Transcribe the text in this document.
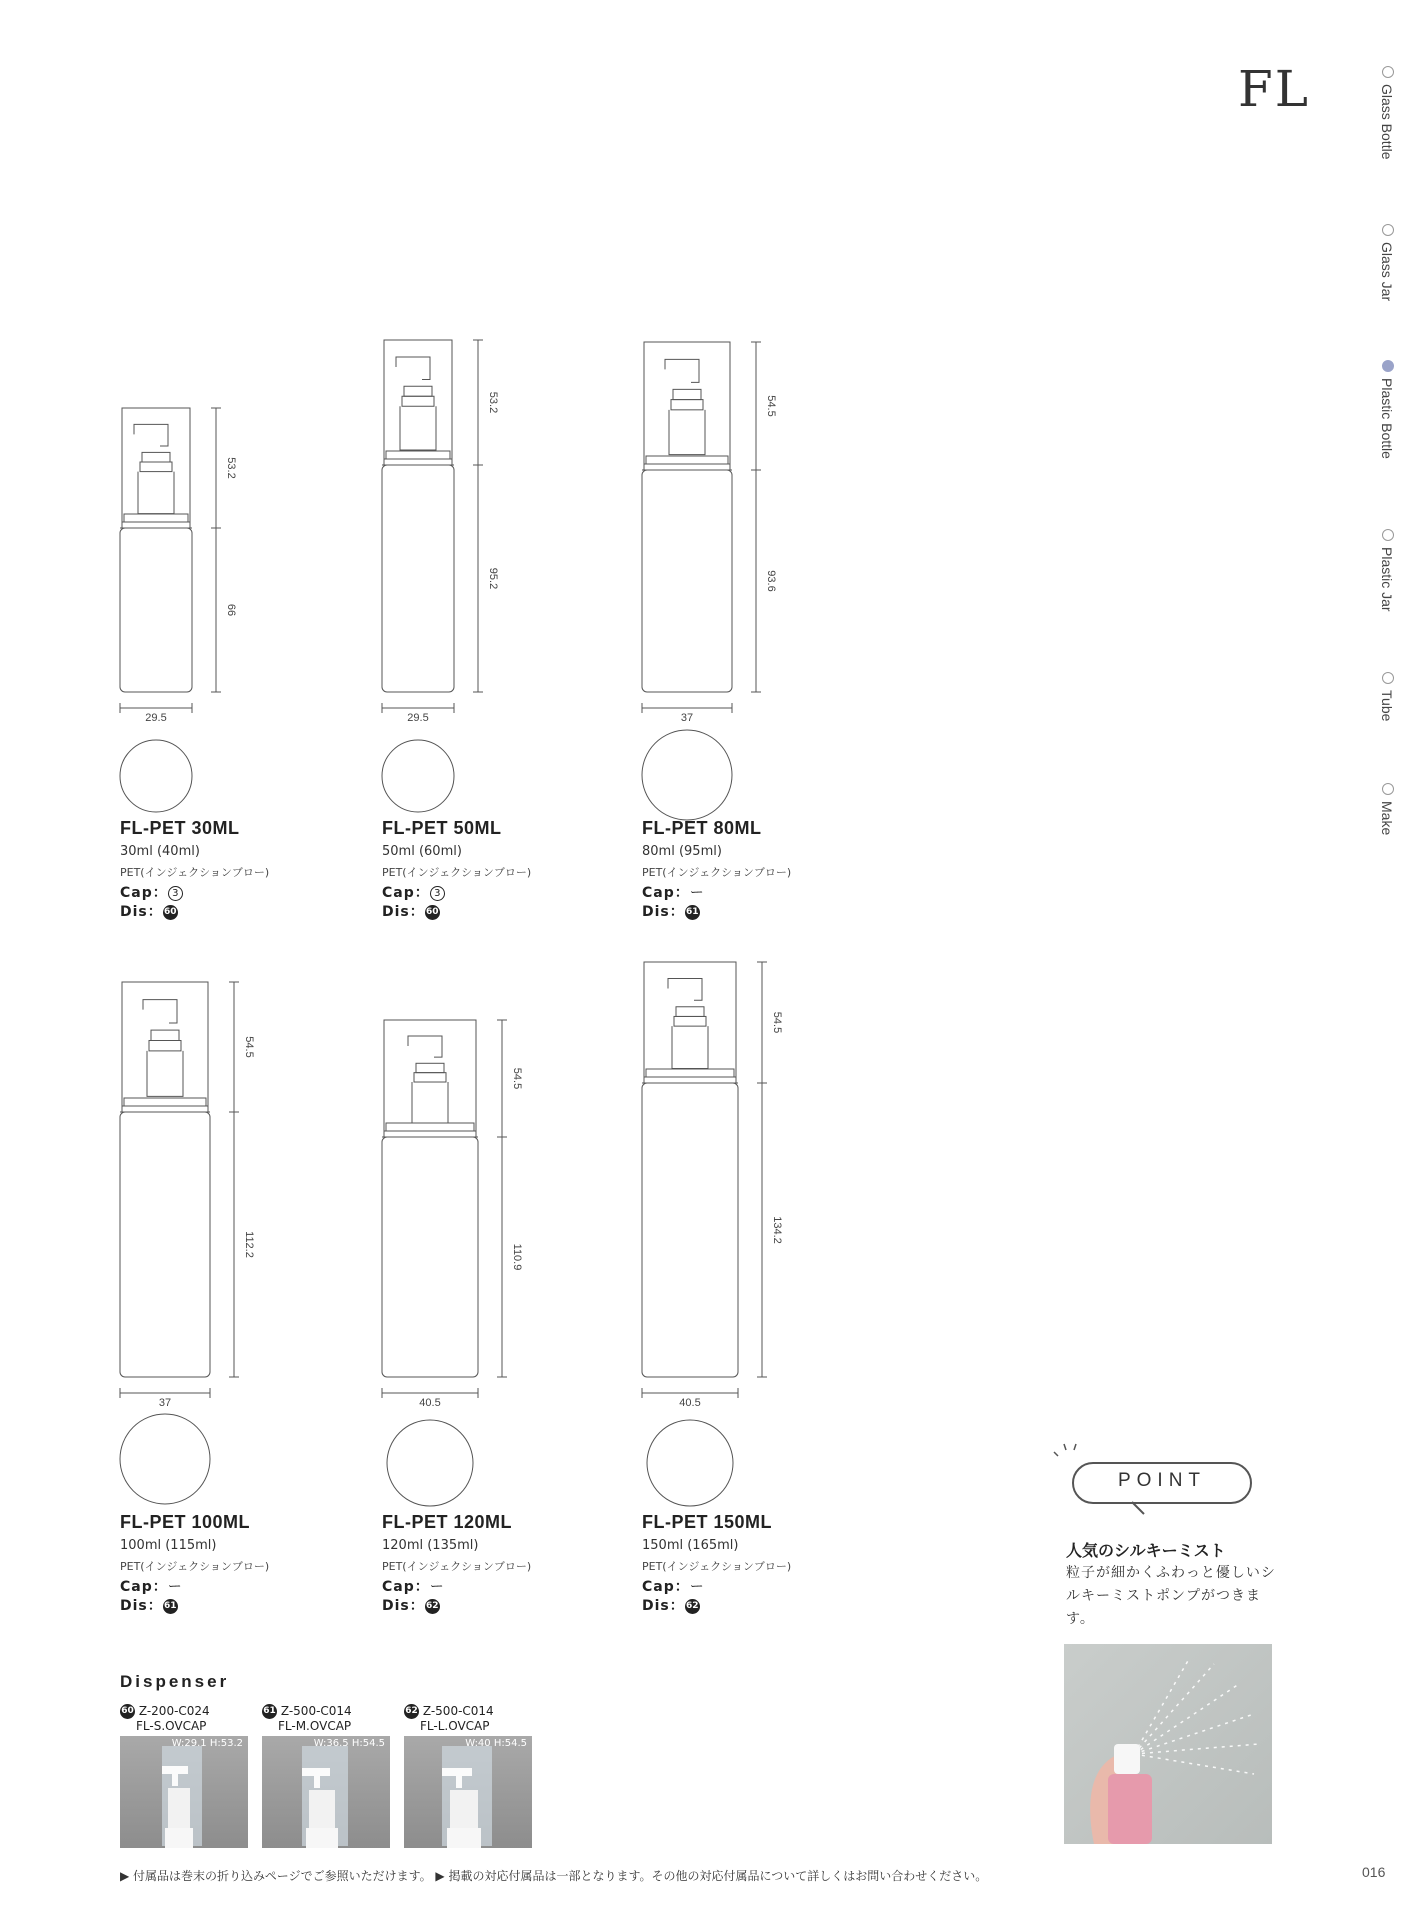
FL	Glass Bottle
Glass Jar
Plastic Bottle
Plastic Jar
Tube
Make
53.2
66
29.5
FL-PET 30ML
30ml (40ml)
PET(インジェクションブロー)
Cap： 3
Dis：60
53.2
95.2
29.5
FL-PET 50ML
50ml (60ml)
PET(インジェクションブロー)
Cap： 3
Dis：60
54.5
93.6
37
FL-PET 80ML
80ml (95ml)
PET(インジェクションブロー)
Cap：ー
Dis：61
54.5
112.2
37
FL-PET 100ML
100ml (115ml)
PET(インジェクションブロー)
Cap：ー
Dis：61
54.5
110.9
40.5
FL-PET 120ML
120ml (135ml)
PET(インジェクションブロー)
Cap：ー
Dis：62
54.5
134.2
40.5
FL-PET 150ML
150ml (165ml)
PET(インジェクションブロー)
Cap：ー
Dis：62
Dispenser
60 Z-200-C024
FL-S.OVCAP
W:29.1 H:53.2
61 Z-500-C014
FL-M.OVCAP
W:36.5 H:54.5
62 Z-500-C014
FL-L.OVCAP
W:40 H:54.5
POINT
人気のシルキーミスト
粒子が細かくふわっと優しいシルキーミストポンプがつきます。
▶ 付属品は巻末の折り込みページでご参照いただけます。 ▶ 掲載の対応付属品は一部となります。その他の対応付属品について詳しくはお問い合わせください。	016
